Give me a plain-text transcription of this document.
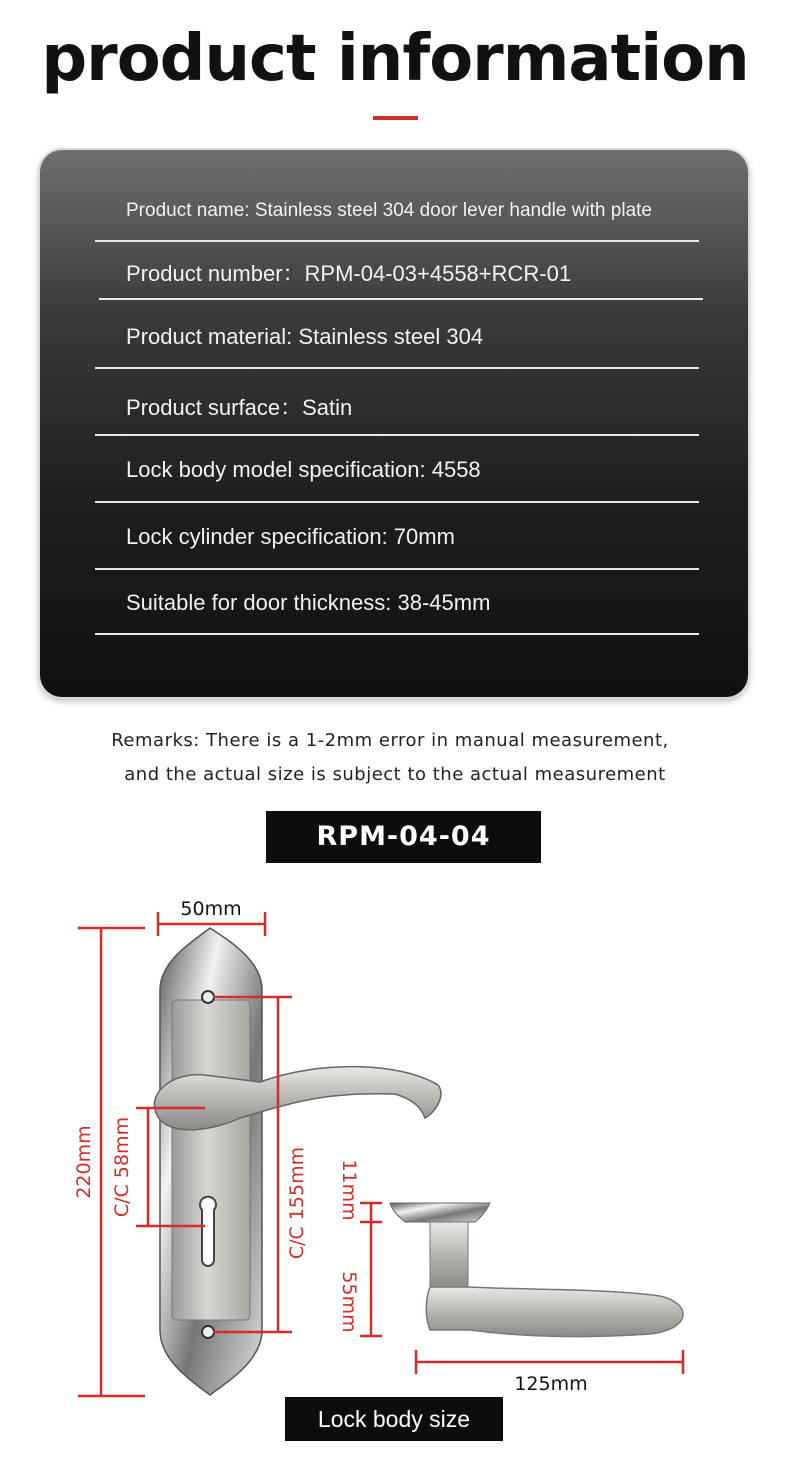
product information
Product name: Stainless steel 304 door lever handle with plate
Product number：RPM-04-03+4558+RCR-01
Product material: Stainless steel 304
Product surface：Satin
Lock body model specification: 4558
Lock cylinder specification: 70mm
Suitable for door thickness: 38-45mm
Remarks: There is a 1-2mm error in manual measurement,
and the actual size is subject to the actual measurement
RPM-04-04
50mm
220mm C/C 58mm	C/C 155mm 11mm
55mm
125mm
Lock body size
